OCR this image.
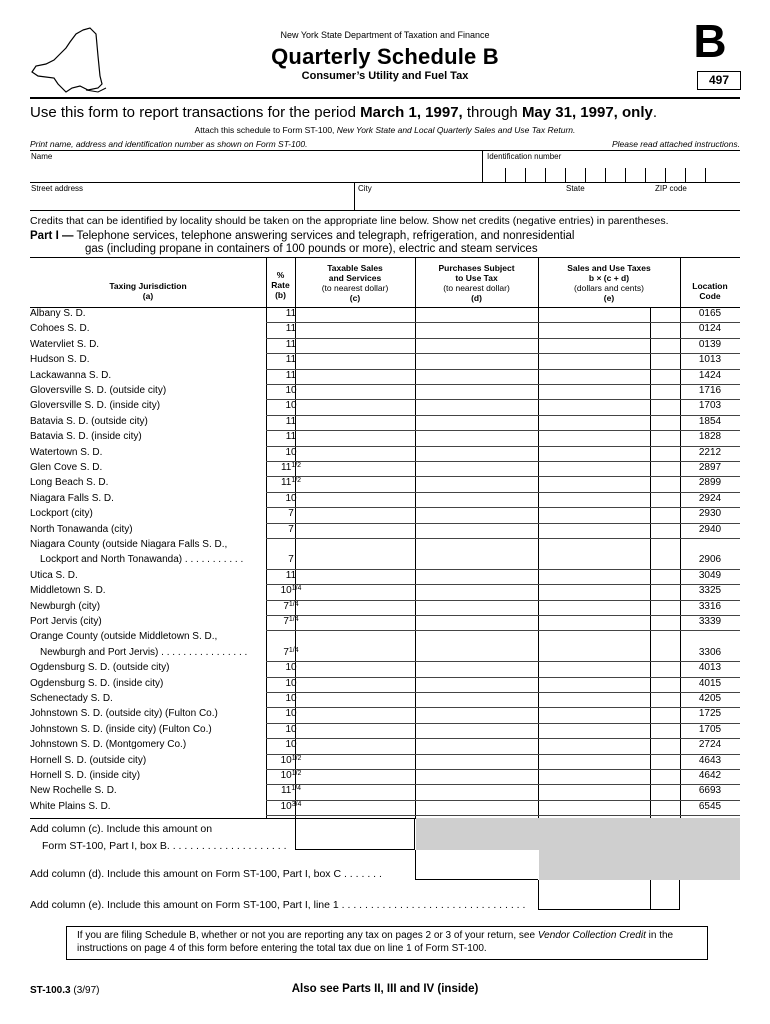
New York State Department of Taxation and Finance
Quarterly Schedule B
Consumer’s Utility and Fuel Tax
B
497
Use this form to report transactions for the period March 1, 1997, through May 31, 1997, only.
Attach this schedule to Form ST-100, New York State and Local Quarterly Sales and Use Tax Return.
Print name, address and identification number as shown on Form ST-100.	Please read attached instructions.
Name	Identification number
Street address	City	State	ZIP code
Credits that can be identified by locality should be taken on the appropriate line below. Show net credits (negative entries) in parentheses.
Part I — Telephone services, telephone answering services and telegraph, refrigeration, and nonresidential
gas (including propane in containers of 100 pounds or more), electric and steam services
Taxing Jurisdiction
(a)
%
Rate
(b)
Taxable Sales
and Services
(to nearest dollar)
(c)
Purchases Subject
to Use Tax
(to nearest dollar)
(d)
Sales and Use Taxes
b × (c + d)
(dollars and cents)
(e)
Location
Code
Albany S. D.	11	0165
Cohoes S. D.	11	0124
Watervliet S. D.	11	0139
Hudson S. D.	11	1013
Lackawanna S. D.	11	1424
Gloversville S. D. (outside city)	10	1716
Gloversville S. D. (inside city)	10	1703
Batavia S. D. (outside city)	11	1854
Batavia S. D. (inside city)	11	1828
Watertown S. D.	10	2212
Glen Cove S. D.	$11^{1/2}$	2897
Long Beach S. D.	$11^{1/2}$	2899
Niagara Falls S. D.	10	2924
Lockport (city)	7	2930
North Tonawanda (city)	7	2940
Niagara County (outside Niagara Falls S. D.,
Lockport and North Tonawanda) . . . . . . . . . . .	7	2906
Utica S. D.	11	3049
Middletown S. D.	$10^{1/4}$	3325
Newburgh (city)	$7^{1/4}$	3316
Port Jervis (city)	$7^{1/4}$	3339
Orange County (outside Middletown S. D.,
Newburgh and Port Jervis) . . . . . . . . . . . . . . . .	$7^{1/4}$	3306
Ogdensburg S. D. (outside city)	10	4013
Ogdensburg S. D. (inside city)	10	4015
Schenectady S. D.	10	4205
Johnstown S. D. (outside city) (Fulton Co.)	10	1725
Johnstown S. D. (inside city) (Fulton Co.)	10	1705
Johnstown S. D. (Montgomery Co.)	10	2724
Hornell S. D. (outside city)	$10^{1/2}$	4643
Hornell S. D. (inside city)	$10^{1/2}$	4642
New Rochelle S. D.	$11^{1/4}$	6693
White Plains S. D.	$10^{3/4}$	6545
Add column (c). Include this amount on
Form ST-100, Part I, box B. . . . . . . . . . . . . . . . . . . . .
Add column (d). Include this amount on Form ST-100, Part I, box C . . . . . . .
Add column (e). Include this amount on Form ST-100, Part I, line 1 . . . . . . . . . . . . . . . . . . . . . . . . . . . . . . . .
If you are filing Schedule B, whether or not you are reporting any tax on pages 2 or 3 of your return, see Vendor Collection Credit in the instructions on page 4 of this form before entering the total tax due on line 1 of Form ST-100.
ST-100.3 (3/97)	Also see Parts II, III and IV (inside)
